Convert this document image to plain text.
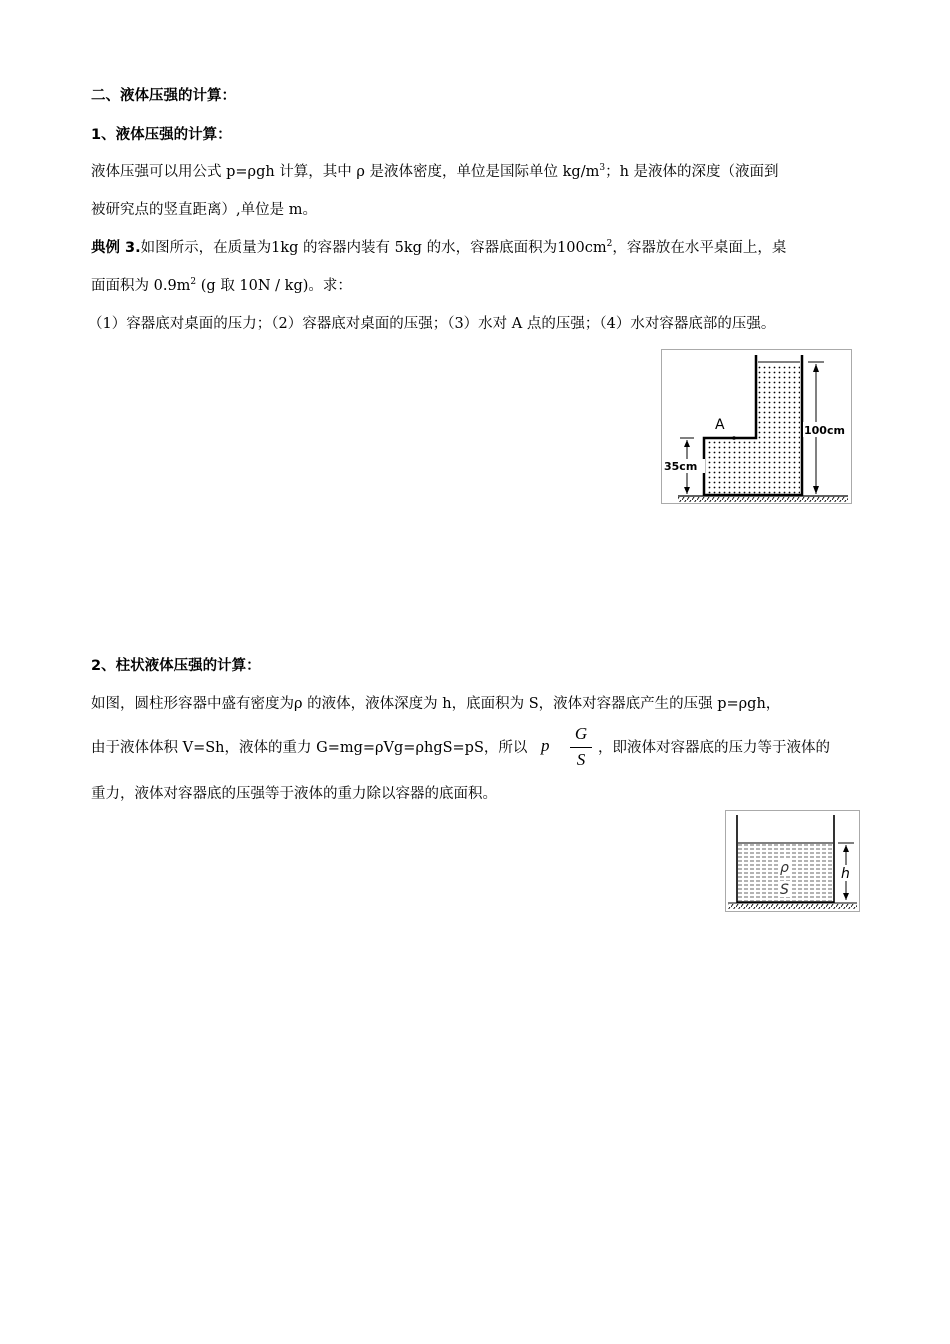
二、液体压强的计算：
1、液体压强的计算：
液体压强可以用公式 p=ρgh 计算，其中 ρ 是液体密度，单位是国际单位 $kg/m^3$；h 是液体的深度（液面到
被研究点的竖直距离）,单位是 m。
典例 3.如图所示，在质量为1kg 的容器内装有 5kg 的水，容器底面积为$100cm^2$，容器放在水平桌面上，桌
面面积为 $0.9m^2$ (g 取 10N / kg)。求：
（1）容器底对桌面的压力；（2）容器底对桌面的压强；（3）水对 A 点的压强；（4）水对容器底部的压强。
A	100cm
35cm
2、柱状液体压强的计算：
如图，圆柱形容器中盛有密度为ρ 的液体，液体深度为 h，底面积为 S，液体对容器底产生的压强 p=ρgh，
由于液体体积 V=Sh，液体的重力 G=mg=ρVg=ρhgS=pS，所以 p
G
S
，即液体对容器底的压力等于液体的
重力，液体对容器底的压强等于液体的重力除以容器的底面积。
ρ
S
h
